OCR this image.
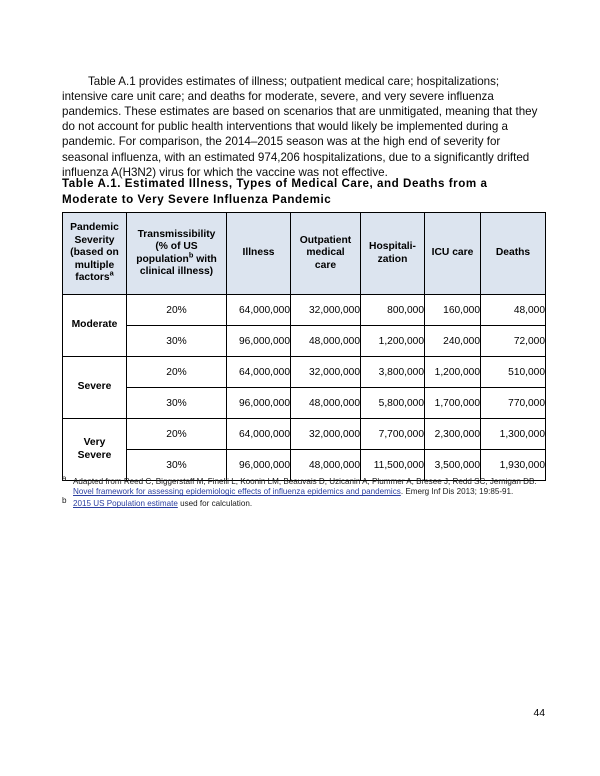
Table A.1 provides estimates of illness; outpatient medical care; hospitalizations; intensive care unit care; and deaths for moderate, severe, and very severe influenza pandemics. These estimates are based on scenarios that are unmitigated, meaning that they do not account for public health interventions that would likely be implemented during a pandemic. For comparison, the 2014–2015 season was at the high end of severity for seasonal influenza, with an estimated 974,206 hospitalizations, due to a significantly drifted influenza A(H3N2) virus for which the vaccine was not effective.

Table A.1. Estimated Illness, Types of Medical Care, and Deaths from a Moderate to Very Severe Influenza Pandemic
Pandemic
Severity
(based on
multiple
factors$^a$	Transmissibility
(% of US
population$^b$ with
clinical illness)	Illness	Outpatient
medical
care	Hospitali-
zation	ICU care	Deaths
Moderate	20%	64,000,000	32,000,000	800,000	160,000	48,000
	30%	96,000,000	48,000,000	1,200,000	240,000	72,000
Severe	20%	64,000,000	32,000,000	3,800,000	1,200,000	510,000
	30%	96,000,000	48,000,000	5,800,000	1,700,000	770,000
Very
Severe	20%	64,000,000	32,000,000	7,700,000	2,300,000	1,300,000
	30%	96,000,000	48,000,000	11,500,000	3,500,000	1,930,000
a Adapted from Reed C, Biggerstaff M, Finelli L, Koonin LM, Beauvais D, Uzicanin A, Plummer A, Bresee J, Redd SC, Jernigan DB. Novel framework for assessing epidemiologic effects of influenza epidemics and pandemics. Emerg Inf Dis 2013; 19:85-91.
b 2015 US Population estimate used for calculation.
44
